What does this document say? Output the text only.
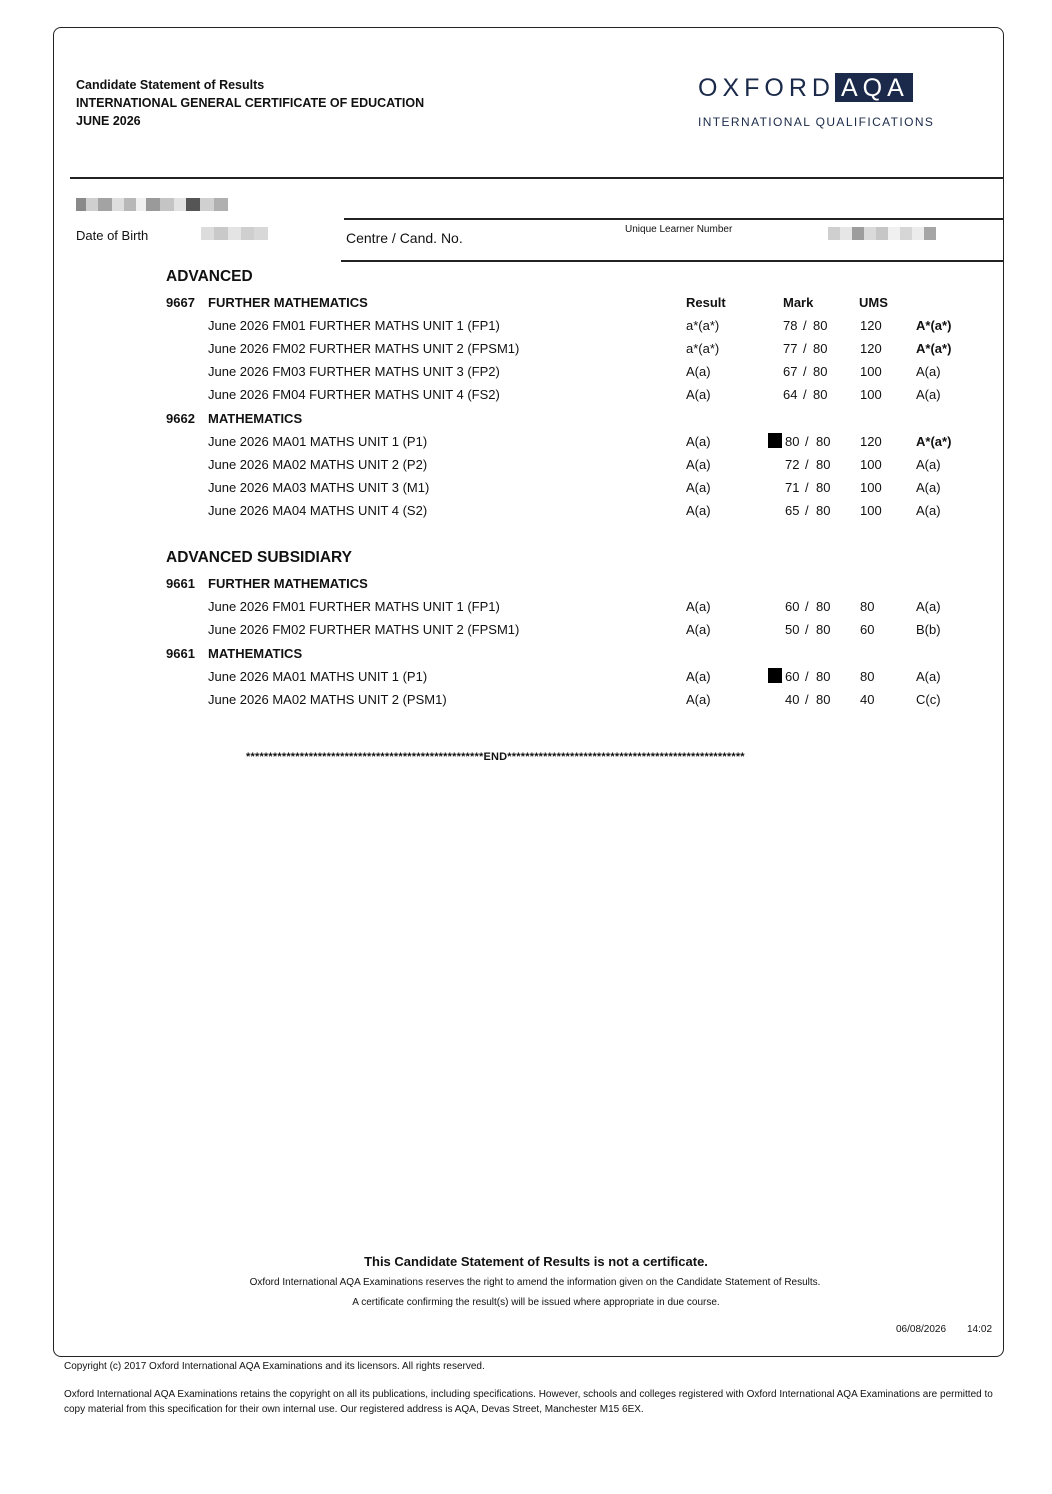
Candidate Statement of Results
INTERNATIONAL GENERAL CERTIFICATE OF EDUCATION
JUNE 2026
OXFORD AQA
INTERNATIONAL QUALIFICATIONS
Date of Birth	Centre / Cand. No.
Unique Learner Number
ADVANCED
9667 FURTHER MATHEMATICS	Result	Mark	UMS
June 2026 FM01 FURTHER MATHS UNIT 1 (FP1)	a*(a*)	78 / 80	120	A*(a*)
June 2026 FM02 FURTHER MATHS UNIT 2 (FPSM1)	a*(a*)	77 / 80	120	A*(a*)
June 2026 FM03 FURTHER MATHS UNIT 3 (FP2)	A(a)	67 / 80	100	A(a)
June 2026 FM04 FURTHER MATHS UNIT 4 (FS2)	A(a)	64 / 80	100	A(a)
9662 MATHEMATICS
June 2026 MA01 MATHS UNIT 1 (P1)	A(a)	80 / 80 120	A*(a*)
June 2026 MA02 MATHS UNIT 2 (P2)	A(a)	72 / 80 100	A(a)
June 2026 MA03 MATHS UNIT 3 (M1)	A(a)	71 / 80 100	A(a)
June 2026 MA04 MATHS UNIT 4 (S2)	A(a)	65 / 80 100	A(a)
ADVANCED SUBSIDIARY
9661 FURTHER MATHEMATICS
June 2026 FM01 FURTHER MATHS UNIT 1 (FP1)	A(a)	60 / 80 80	A(a)
June 2026 FM02 FURTHER MATHS UNIT 2 (FPSM1)	A(a)	50 / 80 60	B(b)
9661 MATHEMATICS
June 2026 MA01 MATHS UNIT 1 (P1)	A(a)	60 / 80 80	A(a)
June 2026 MA02 MATHS UNIT 2 (PSM1)	A(a)	40 / 80 40	C(c)
*****************************************************END*****************************************************
This Candidate Statement of Results is not a certificate.
Oxford International AQA Examinations reserves the right to amend the information given on the Candidate Statement of Results.
A certificate confirming the result(s) will be issued where appropriate in due course.
06/08/2026 14:02
Copyright (c) 2017 Oxford International AQA Examinations and its licensors. All rights reserved.
Oxford International AQA Examinations retains the copyright on all its publications, including specifications. However, schools and colleges registered with Oxford International AQA Examinations are permitted to copy material from this specification for their own internal use. Our registered address is AQA, Devas Street, Manchester M15 6EX.
